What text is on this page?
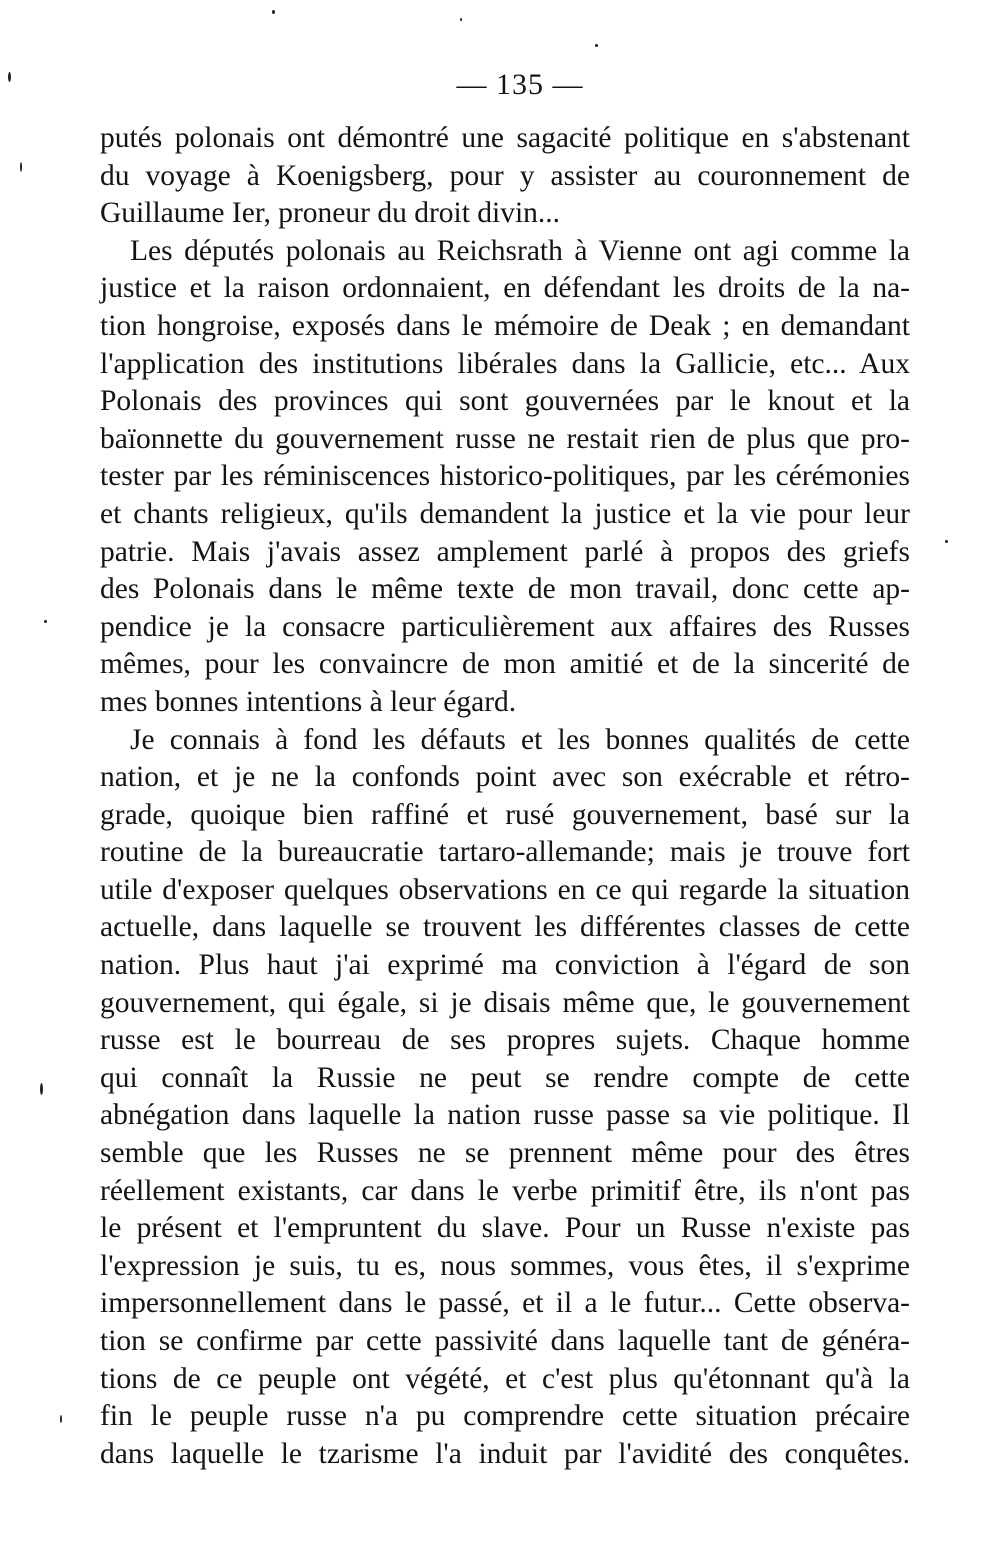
— 135 —
putés polonais ont démontré une sagacité politique en s'abstenant
du voyage à Koenigsberg, pour y assister au couronnement de
Guillaume Ier, proneur du droit divin...
Les députés polonais au Reichsrath à Vienne ont agi comme la
justice et la raison ordonnaient, en défendant les droits de la na-
tion hongroise, exposés dans le mémoire de Deak ; en demandant
l'application des institutions libérales dans la Gallicie, etc... Aux
Polonais des provinces qui sont gouvernées par le knout et la
baïonnette du gouvernement russe ne restait rien de plus que pro-
tester par les réminiscences historico-politiques, par les cérémonies
et chants religieux, qu'ils demandent la justice et la vie pour leur
patrie. Mais j'avais assez amplement parlé à propos des griefs
des Polonais dans le même texte de mon travail, donc cette ap-
pendice je la consacre particulièrement aux affaires des Russes
mêmes, pour les convaincre de mon amitié et de la sincerité de
mes bonnes intentions à leur égard.
Je connais à fond les défauts et les bonnes qualités de cette
nation, et je ne la confonds point avec son exécrable et rétro-
grade, quoique bien raffiné et rusé gouvernement, basé sur la
routine de la bureaucratie tartaro-allemande; mais je trouve fort
utile d'exposer quelques observations en ce qui regarde la situation
actuelle, dans laquelle se trouvent les différentes classes de cette
nation. Plus haut j'ai exprimé ma conviction à l'égard de son
gouvernement, qui égale, si je disais même que, le gouvernement
russe est le bourreau de ses propres sujets. Chaque homme
qui connaît la Russie ne peut se rendre compte de cette
abnégation dans laquelle la nation russe passe sa vie politique. Il
semble que les Russes ne se prennent même pour des êtres
réellement existants, car dans le verbe primitif être, ils n'ont pas
le présent et l'empruntent du slave. Pour un Russe n'existe pas
l'expression je suis, tu es, nous sommes, vous êtes, il s'exprime
impersonnellement dans le passé, et il a le futur... Cette observa-
tion se confirme par cette passivité dans laquelle tant de généra-
tions de ce peuple ont végété, et c'est plus qu'étonnant qu'à la
fin le peuple russe n'a pu comprendre cette situation précaire
dans laquelle le tzarisme l'a induit par l'avidité des conquêtes.
